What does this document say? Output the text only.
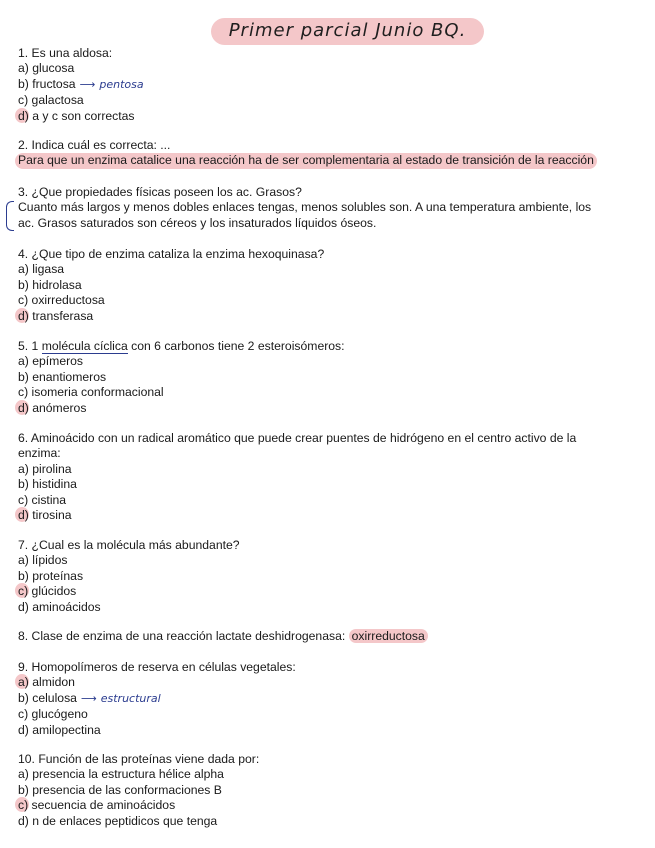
Primer parcial Junio BQ.
1. Es una aldosa:
a) glucosa
b) fructosa ⟶ pentosa
c) galactosa
d) a y c son correctas
2. Indica cuál es correcta: ...
Para que un enzima catalice una reacción ha de ser complementaria al estado de transición de la reacción
3. ¿Que propiedades físicas poseen los ac. Grasos?
Cuanto más largos y menos dobles enlaces tengas, menos solubles son. A una temperatura ambiente, los
ac. Grasos saturados son céreos y los insaturados líquidos óseos.
4. ¿Que tipo de enzima cataliza la enzima hexoquinasa?
a) ligasa
b) hidrolasa
c) oxirreductosa
d) transferasa
5. 1 molécula cíclica con 6 carbonos tiene 2 esteroisómeros:
a) epímeros
b) enantiomeros
c) isomeria conformacional
d) anómeros
6. Aminoácido con un radical aromático que puede crear puentes de hidrógeno en el centro activo de la
enzima:
a) pirolina
b) histidina
c) cistina
d) tirosina
7. ¿Cual es la molécula más abundante?
a) lípidos
b) proteínas
c) glúcidos
d) aminoácidos
8. Clase de enzima de una reacción lactate deshidrogenasa: oxirreductosa
9. Homopolímeros de reserva en células vegetales:
a) almidon
b) celulosa ⟶ estructural
c) glucógeno
d) amilopectina
10. Función de las proteínas viene dada por:
a) presencia la estructura hélice alpha
b) presencia de las conformaciones B
c) secuencia de aminoácidos
d) n de enlaces peptidicos que tenga
